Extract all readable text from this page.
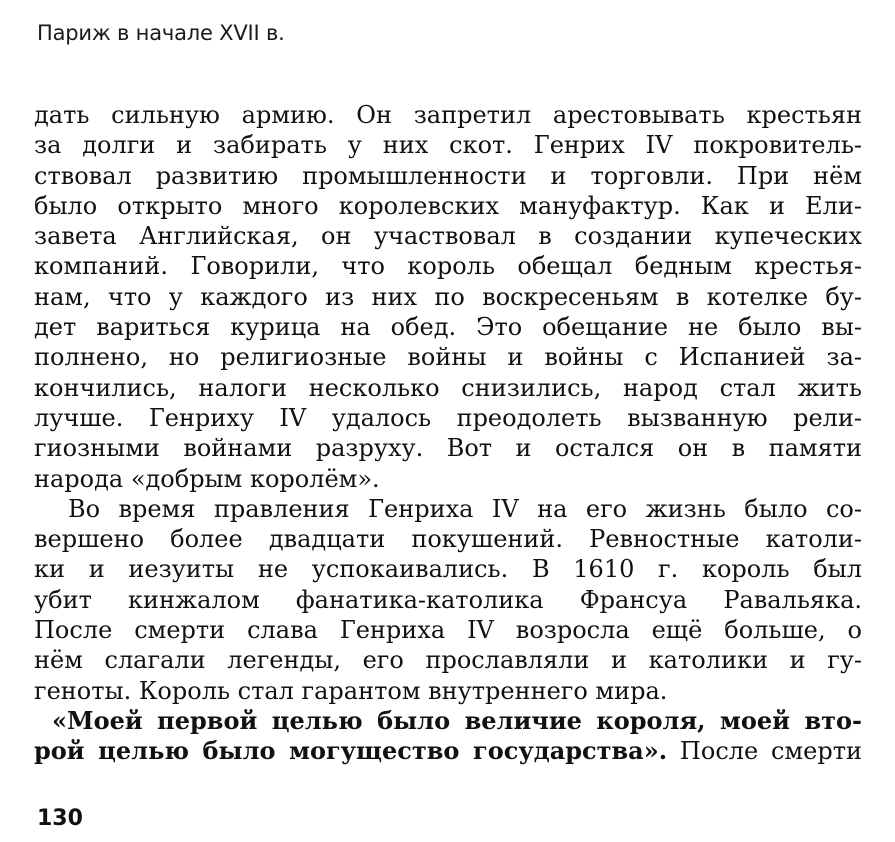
Париж в начале XVII в.
дать сильную армию. Он запретил арестовывать крестьян
за долги и забирать у них скот. Генрих IV покровитель-
ствовал развитию промышленности и торговли. При нём
было открыто много королевских мануфактур. Как и Ели-
завета Английская, он участвовал в создании купеческих
компаний. Говорили, что король обещал бедным крестья-
нам, что у каждого из них по воскресеньям в котелке бу-
дет вариться курица на обед. Это обещание не было вы-
полнено, но религиозные войны и войны с Испанией за-
кончились, налоги несколько снизились, народ стал жить
лучше. Генриху IV удалось преодолеть вызванную рели-
гиозными войнами разруху. Вот и остался он в памяти
народа «добрым королём».
Во время правления Генриха IV на его жизнь было со-
вершено более двадцати покушений. Ревностные католи-
ки и иезуиты не успокаивались. В 1610 г. король был
убит кинжалом фанатика-католика Франсуа Равальяка.
После смерти слава Генриха IV возросла ещё больше, о
нём слагали легенды, его прославляли и католики и гу-
геноты. Король стал гарантом внутреннего мира.
«Моей первой целью было величие короля, моей вто-
рой целью было могущество государства». После смерти
130
